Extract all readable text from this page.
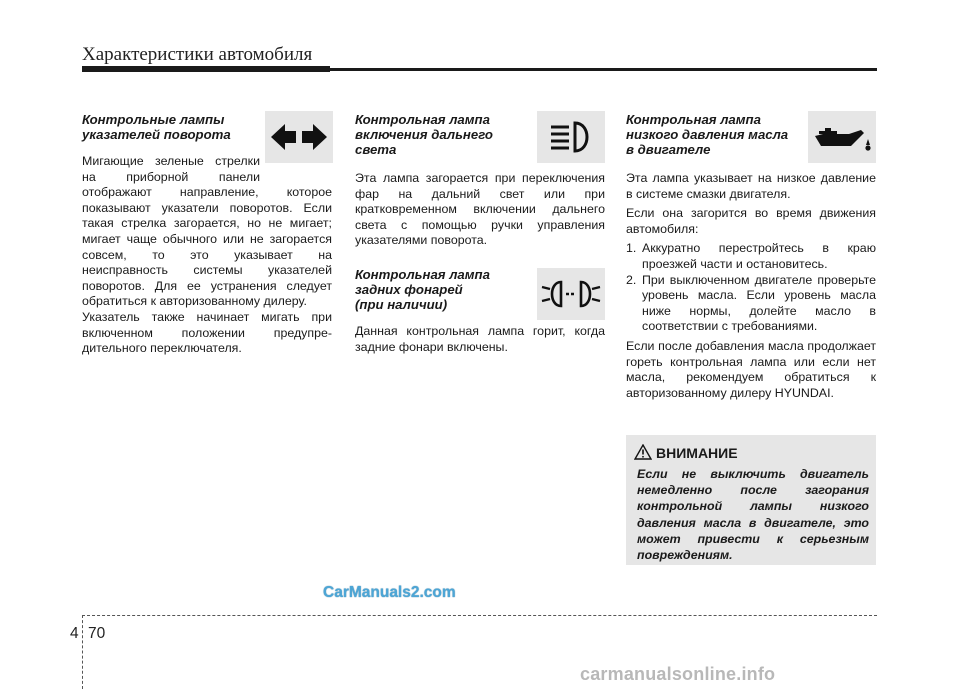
Характеристики автомобиля

Контрольные лампы
указателей поворота

Мигающие зеленые стрелки на приборной панели отображают направление, которое показывают указатели поворотов. Если такая стрелка загорается, но не мигает; мигает чаще обычного или не загорается совсем, то это указывает на неисправность системы указателей поворотов. Для ее устранения следует обратиться к авторизованному дилеру.

Указатель также начинает мигать при включенном положении предупре-дительного переключателя.

Контрольная лампа
включения дальнего
света

Эта лампа загорается при переключения фар на дальний свет или при кратковременном включении дальнего света с помощью ручки управления указателями поворота.

Контрольная лампа
задних фонарей
(при наличии)

Данная контрольная лампа горит, когда задние фонари включены.

Контрольная лампа
низкого давления масла
в двигателе

Эта лампа указывает на низкое давление в системе смазки двигателя.

Если она загорится во время движения автомобиля:

1. Аккуратно перестройтесь в краю проезжей части и остановитесь.
2. При выключенном двигателе проверьте уровень масла. Если уровень масла ниже нормы, долейте масло в соответствии с требованиями.

Если после добавления масла продолжает гореть контрольная лампа или если нет масла, рекомендуем обратиться к авторизованному дилеру HYUNDAI.

ВНИМАНИЕ

Если не выключить двигатель немедленно после загорания контрольной лампы низкого давления масла в двигателе, это может привести к серьезным повреждениям.

CarManuals2.com
4 70
carmanualsonline.info
